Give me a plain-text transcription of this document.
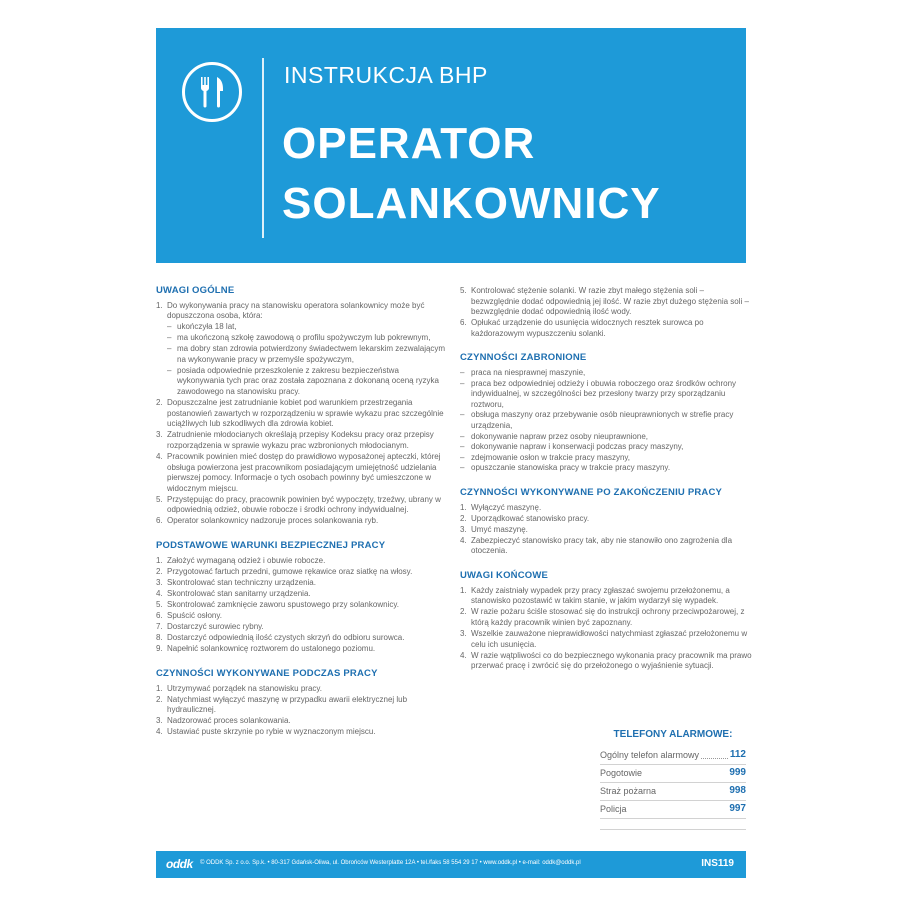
INSTRUKCJA BHP
OPERATOR
SOLANKOWNICY
UWAGI OGÓLNE
1. Do wykonywania pracy na stanowisku operatora solankownicy może być dopuszczona osoba, która:
– ukończyła 18 lat,
– ma ukończoną szkołę zawodową o profilu spożywczym lub pokrewnym,
– ma dobry stan zdrowia potwierdzony świadectwem lekarskim zezwalającym na wykonywanie pracy w przemyśle spożywczym,
– posiada odpowiednie przeszkolenie z zakresu bezpieczeństwa wykonywania tych prac oraz została zapoznana z dokonaną oceną ryzyka zawodowego na stanowisku pracy.
2. Dopuszczalne jest zatrudnianie kobiet pod warunkiem przestrzegania postanowień zawartych w rozporządzeniu w sprawie wykazu prac szczególnie uciążliwych lub szkodliwych dla zdrowia kobiet.
3. Zatrudnienie młodocianych określają przepisy Kodeksu pracy oraz przepisy rozporządzenia w sprawie wykazu prac wzbronionych młodocianym.
4. Pracownik powinien mieć dostęp do prawidłowo wyposażonej apteczki, której obsługa powierzona jest pracownikom posiadającym umiejętność udzielania pierwszej pomocy. Informacje o tych osobach powinny być umieszczone w widocznym miejscu.
5. Przystępując do pracy, pracownik powinien być wypoczęty, trzeźwy, ubrany w odpowiednią odzież, obuwie robocze i środki ochrony indywidualnej.
6. Operator solankownicy nadzoruje proces solankowania ryb.
PODSTAWOWE WARUNKI BEZPIECZNEJ PRACY
1. Założyć wymaganą odzież i obuwie robocze.
2. Przygotować fartuch przedni, gumowe rękawice oraz siatkę na włosy.
3. Skontrolować stan techniczny urządzenia.
4. Skontrolować stan sanitarny urządzenia.
5. Skontrolować zamknięcie zaworu spustowego przy solankownicy.
6. Spuścić osłony.
7. Dostarczyć surowiec rybny.
8. Dostarczyć odpowiednią ilość czystych skrzyń do odbioru surowca.
9. Napełnić solankownicę roztworem do ustalonego poziomu.
CZYNNOŚCI WYKONYWANE PODCZAS PRACY
1. Utrzymywać porządek na stanowisku pracy.
2. Natychmiast wyłączyć maszynę w przypadku awarii elektrycznej lub hydraulicznej.
3. Nadzorować proces solankowania.
4. Ustawiać puste skrzynie po rybie w wyznaczonym miejscu.
5. Kontrolować stężenie solanki. W razie zbyt małego stężenia soli – bezwzględnie dodać odpowiednią jej ilość. W razie zbyt dużego stężenia soli – bezwzględnie dodać odpowiednią ilość wody.
6. Opłukać urządzenie do usunięcia widocznych resztek surowca po każdorazowym wypuszczeniu solanki.
CZYNNOŚCI ZABRONIONE
– praca na niesprawnej maszynie,
– praca bez odpowiedniej odzieży i obuwia roboczego oraz środków ochrony indywidualnej, w szczególności bez przesłony twarzy przy sporządzaniu roztworu,
– obsługa maszyny oraz przebywanie osób nieuprawnionych w strefie pracy urządzenia,
– dokonywanie napraw przez osoby nieuprawnione,
– dokonywanie napraw i konserwacji podczas pracy maszyny,
– zdejmowanie osłon w trakcie pracy maszyny,
– opuszczanie stanowiska pracy w trakcie pracy maszyny.
CZYNNOŚCI WYKONYWANE PO ZAKOŃCZENIU PRACY
1. Wyłączyć maszynę.
2. Uporządkować stanowisko pracy.
3. Umyć maszynę.
4. Zabezpieczyć stanowisko pracy tak, aby nie stanowiło ono zagrożenia dla otoczenia.
UWAGI KOŃCOWE
1. Każdy zaistniały wypadek przy pracy zgłaszać swojemu przełożonemu, a stanowisko pozostawić w takim stanie, w jakim wydarzył się wypadek.
2. W razie pożaru ściśle stosować się do instrukcji ochrony przeciwpożarowej, z którą każdy pracownik winien być zapoznany.
3. Wszelkie zauważone nieprawidłowości natychmiast zgłaszać przełożonemu w celu ich usunięcia.
4. W razie wątpliwości co do bezpiecznego wykonania pracy pracownik ma prawo przerwać pracę i zwrócić się do przełożonego o wyjaśnienie sytuacji.
TELEFONY ALARMOWE:
Ogólny telefon alarmowy	112
Pogotowie	999
Straż pożarna	998
Policja	997
oddk © ODDK Sp. z o.o. Sp.k. • 80-317 Gdańsk-Oliwa, ul. Obrońców Westerplatte 12A • tel./faks 58 554 29 17 • www.oddk.pl • e-mail: oddk@oddk.pl	INS119
